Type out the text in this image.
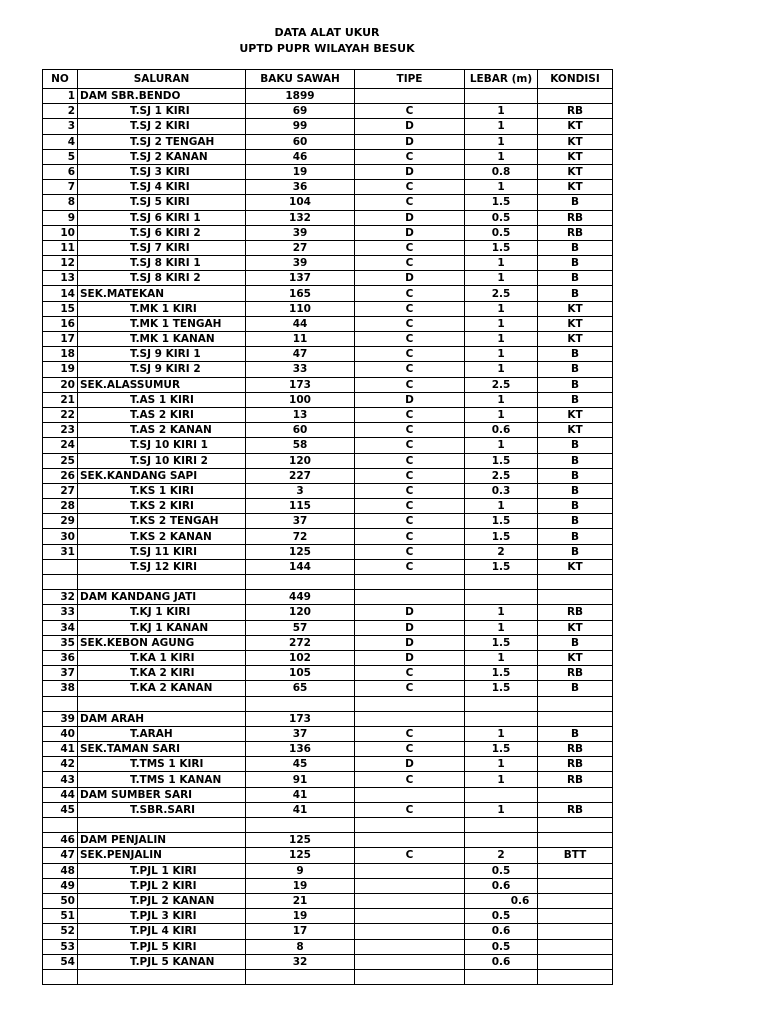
DATA ALAT UKUR
UPTD PUPR WILAYAH BESUK
NO	SALURAN	BAKU SAWAH	TIPE	LEBAR (m)	KONDISI
1	DAM SBR.BENDO	1899			
2	T.SJ 1 KIRI	69	C	1	RB
3	T.SJ 2 KIRI	99	D	1	KT
4	T.SJ 2 TENGAH	60	D	1	KT
5	T.SJ 2 KANAN	46	C	1	KT
6	T.SJ 3 KIRI	19	D	0.8	KT
7	T.SJ 4 KIRI	36	C	1	KT
8	T.SJ 5 KIRI	104	C	1.5	B
9	T.SJ 6 KIRI 1	132	D	0.5	RB
10	T.SJ 6 KIRI 2	39	D	0.5	RB
11	T.SJ 7 KIRI	27	C	1.5	B
12	T.SJ 8 KIRI 1	39	C	1	B
13	T.SJ 8 KIRI 2	137	D	1	B
14	SEK.MATEKAN	165	C	2.5	B
15	T.MK 1 KIRI	110	C	1	KT
16	T.MK 1 TENGAH	44	C	1	KT
17	T.MK 1 KANAN	11	C	1	KT
18	T.SJ 9 KIRI 1	47	C	1	B
19	T.SJ 9 KIRI 2	33	C	1	B
20	SEK.ALASSUMUR	173	C	2.5	B
21	T.AS 1 KIRI	100	D	1	B
22	T.AS 2 KIRI	13	C	1	KT
23	T.AS 2 KANAN	60	C	0.6	KT
24	T.SJ 10 KIRI 1	58	C	1	B
25	T.SJ 10 KIRI 2	120	C	1.5	B
26	SEK.KANDANG SAPI	227	C	2.5	B
27	T.KS 1 KIRI	3	C	0.3	B
28	T.KS 2 KIRI	115	C	1	B
29	T.KS 2 TENGAH	37	C	1.5	B
30	T.KS 2 KANAN	72	C	1.5	B
31	T.SJ 11 KIRI	125	C	2	B
	T.SJ 12 KIRI	144	C	1.5	KT

32	DAM KANDANG JATI	449			
33	T.KJ 1 KIRI	120	D	1	RB
34	T.KJ 1 KANAN	57	D	1	KT
35	SEK.KEBON AGUNG	272	D	1.5	B
36	T.KA 1 KIRI	102	D	1	KT
37	T.KA 2 KIRI	105	C	1.5	RB
38	T.KA 2 KANAN	65	C	1.5	B

39	DAM ARAH	173			
40	T.ARAH	37	C	1	B
41	SEK.TAMAN SARI	136	C	1.5	RB
42	T.TMS 1 KIRI	45	D	1	RB
43	T.TMS 1 KANAN	91	C	1	RB
44	DAM SUMBER SARI	41			
45	T.SBR.SARI	41	C	1	RB

46	DAM PENJALIN	125			
47	SEK.PENJALIN	125	C	2	BTT
48	T.PJL 1 KIRI	9		0.5	
49	T.PJL 2 KIRI	19		0.6	
50	T.PJL 2 KANAN	21		0.6	
51	T.PJL 3 KIRI	19		0.5	
52	T.PJL 4 KIRI	17		0.6	
53	T.PJL 5 KIRI	8		0.5	
54	T.PJL 5 KANAN	32		0.6	
